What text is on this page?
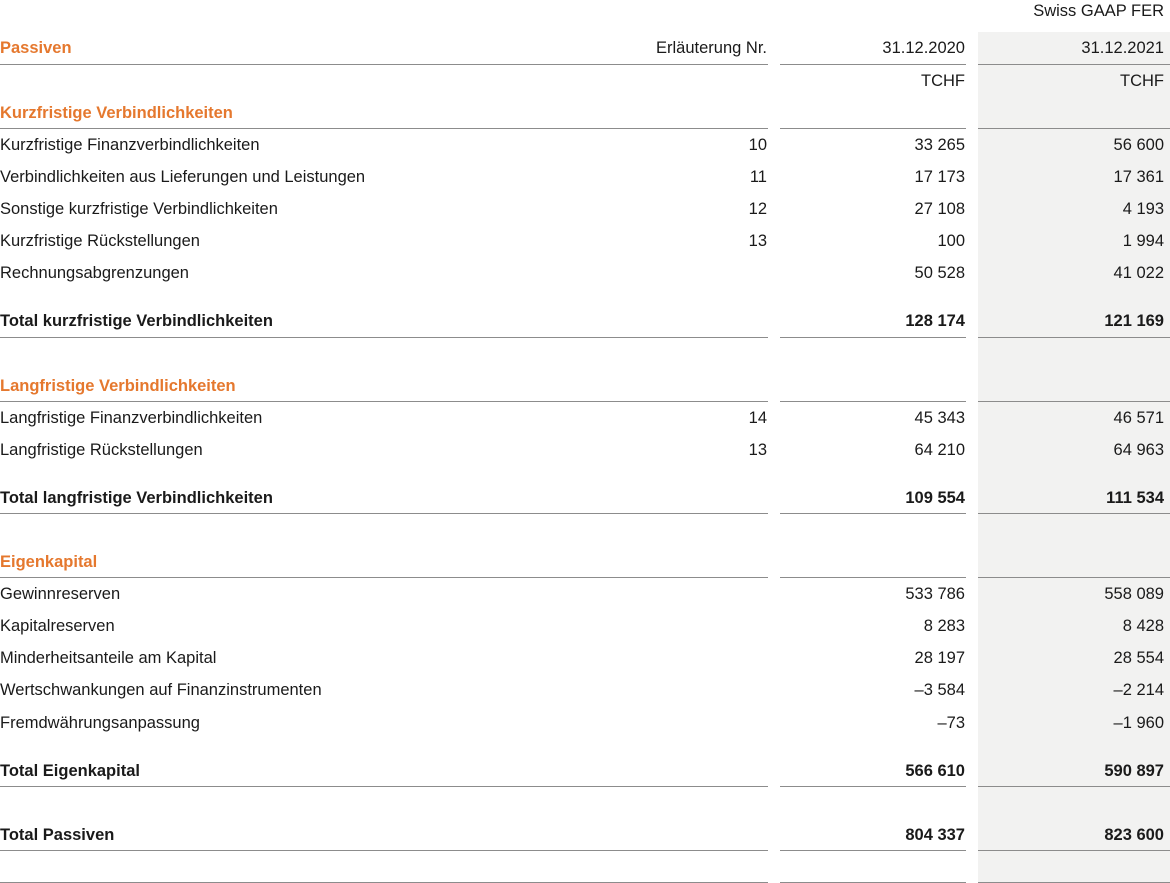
Swiss GAAP FER
Passiven	Erläuterung Nr.	31.12.2020	31.12.2021
TCHF	TCHF
Kurzfristige Verbindlichkeiten
Kurzfristige Finanzverbindlichkeiten	10	33 265	56 600
Verbindlichkeiten aus Lieferungen und Leistungen	11	17 173	17 361
Sonstige kurzfristige Verbindlichkeiten	12	27 108	4 193
Kurzfristige Rückstellungen	13	100	1 994
Rechnungsabgrenzungen	50 528	41 022
Total kurzfristige Verbindlichkeiten	128 174	121 169
Langfristige Verbindlichkeiten
Langfristige Finanzverbindlichkeiten	14	45 343	46 571
Langfristige Rückstellungen	13	64 210	64 963
Total langfristige Verbindlichkeiten	109 554	111 534
Eigenkapital
Gewinnreserven	533 786	558 089
Kapitalreserven	8 283	8 428
Minderheitsanteile am Kapital	28 197	28 554
Wertschwankungen auf Finanzinstrumenten	–3 584	–2 214
Fremdwährungsanpassung	–73	–1 960
Total Eigenkapital	566 610	590 897
Total Passiven	804 337	823 600
